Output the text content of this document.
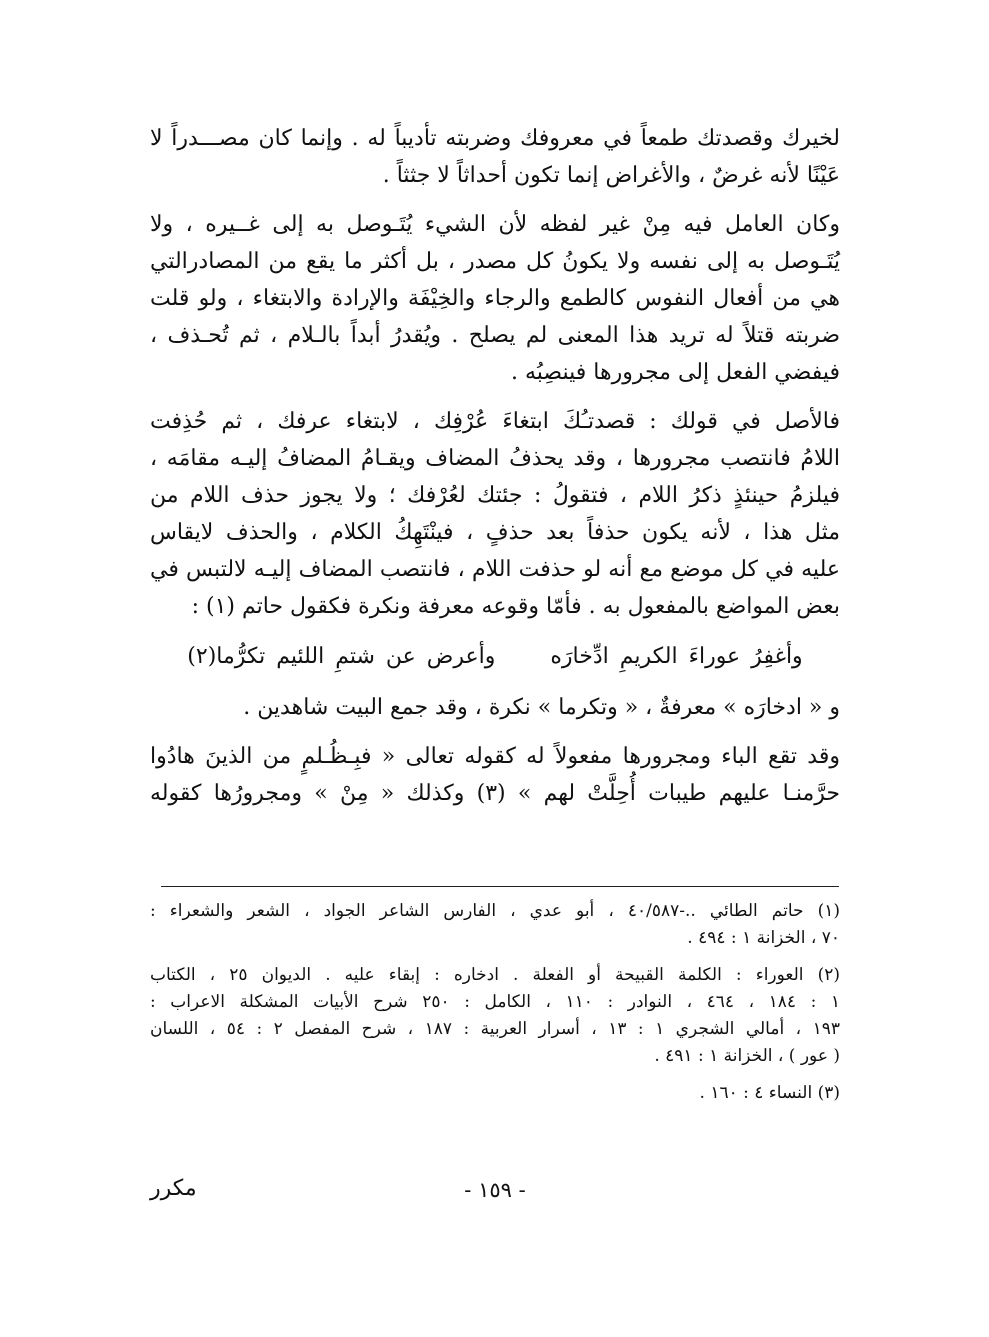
لخيرك وقصدتك طمعاً في معروفك وضربته تأديباً له . وإنما كان مصـــدراً لا
عَيْنًا لأنه غرضٌ ، والأغراض إنما تكون أحداثاً لا جثثاً .

وكان العامل فيه مِنْ غير لفظه لأن الشيء يُتَـوصل به إلى غــيره ، ولا
يُتَـوصل به إلى نفسه ولا يكونُ كل مصدر ، بل أكثر ما يقع من المصادرالتي
هي من أفعال النفوس كالطمع والرجاء والخِيْفَة والإرادة والابتغاء ، ولو قلت
ضربته قتلاً له تريد هذا المعنى لم يصلح . ويُقدرُ أبداً بالـلام ، ثم تُحـذف ،
فيفضي الفعل إلى مجرورها فينصِبُه .

فالأصل في قولك : قصدتـُكَ ابتغاءَ عُرْفِك ، لابتغاء عرفك ، ثم حُذِفت
اللامُ فانتصب مجرورها ، وقد يحذفُ المضاف ويقـامُ المضافُ إليـه مقامَه ،
فيلزمُ حينئذٍ ذكرُ اللام ، فتقولُ : جئتك لعُرْفك ؛ ولا يجوز حذف اللام من
مثل هذا ، لأنه يكون حذفاً بعد حذفٍ ، فينْتَهِكُ الكلام ، والحذف لايقاس
عليه في كل موضع مع أنه لو حذفت اللام ، فانتصب المضاف إليـه لالتبس في
بعض المواضع بالمفعول به . فأمّا وقوعه معرفة ونكرة فكقول حاتم (١) :

وأغفِرُ عوراءَ الكريمِ ادِّخارَه وأعرض عن شتمِ اللئيم تكرُّما(٢)

و « ادخارَه » معرفةٌ ، « وتكرما » نكرة ، وقد جمع البيت شاهدين .

وقد تقع الباء ومجرورها مفعولاً له كقوله تعالى « فبِـظُـلمٍ من الذينَ هادُوا
حرَّمنـا عليهم طيبات أُحِلَّتْ لهم » (٣) وكذلك « مِنْ » ومجرورُها كقوله

(١) حاتم الطائي ..-٤٠/٥٨٧ ، أبو عدي ، الفارس الشاعر الجواد ، الشعر والشعراء :
٧٠ ، الخزانة ١ : ٤٩٤ .
(٢) العوراء : الكلمة القبيحة أو الفعلة . ادخاره : إبقاء عليه . الديوان ٢٥ ، الكتاب
١ : ١٨٤ ، ٤٦٤ ، النوادر : ١١٠ ، الكامل : ٢٥٠ شرح الأبيات المشكلة الاعراب :
١٩٣ ، أمالي الشجري ١ : ١٣ ، أسرار العربية : ١٨٧ ، شرح المفصل ٢ : ٥٤ ، اللسان
( عور ) ، الخزانة ١ : ٤٩١ .
(٣) النساء ٤ : ١٦٠ .
- ١٥٩ -
مكرر
